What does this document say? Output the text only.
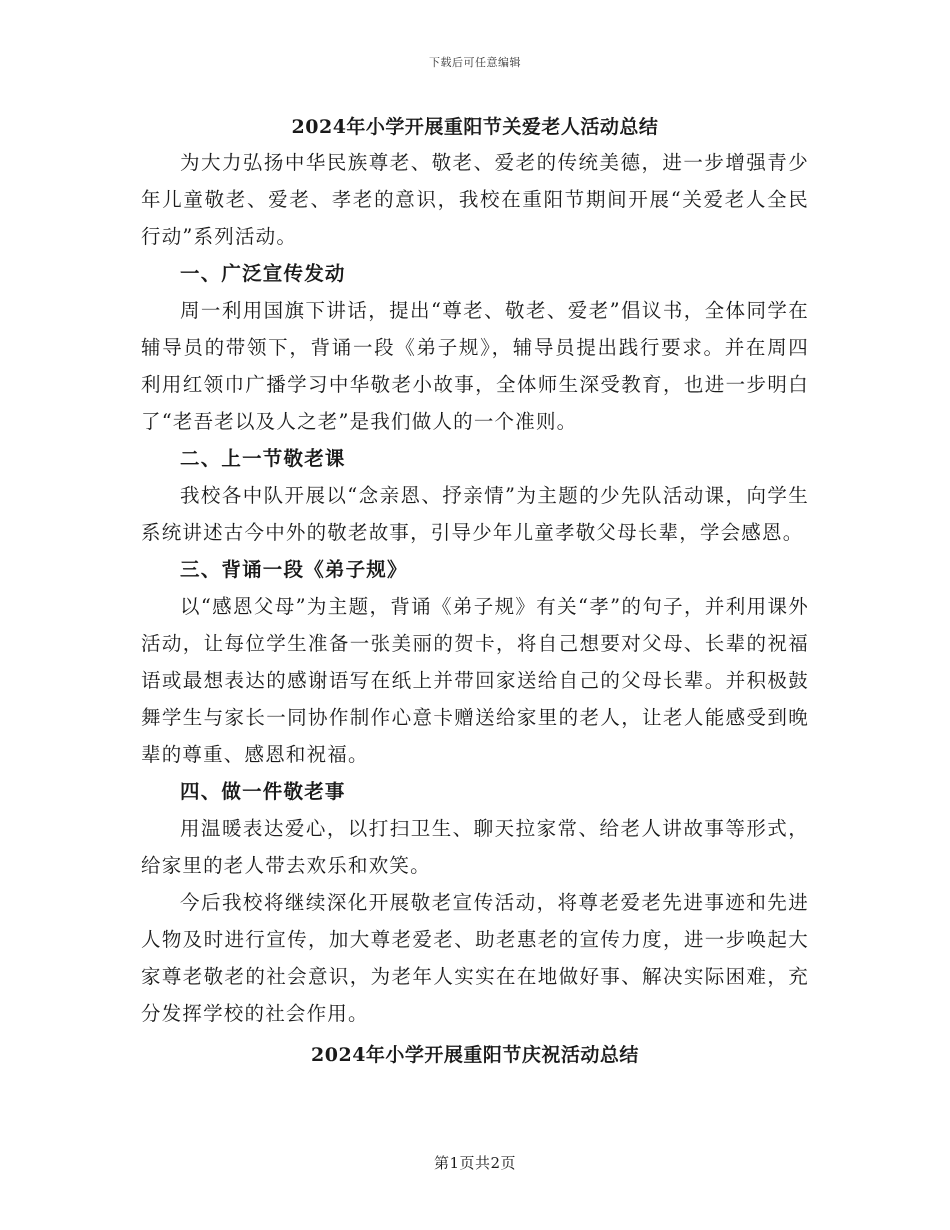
下载后可任意编辑
2024年小学开展重阳节关爱老人活动总结

为大力弘扬中华民族尊老、敬老、爱老的传统美德，进一步增强青少年儿童敬老、爱老、孝老的意识，我校在重阳节期间开展“关爱老人全民行动”系列活动。

一、广泛宣传发动

周一利用国旗下讲话，提出“尊老、敬老、爱老”倡议书，全体同学在辅导员的带领下，背诵一段《弟子规》，辅导员提出践行要求。并在周四利用红领巾广播学习中华敬老小故事，全体师生深受教育，也进一步明白了“老吾老以及人之老”是我们做人的一个准则。

二、上一节敬老课

我校各中队开展以“念亲恩、抒亲情”为主题的少先队活动课，向学生系统讲述古今中外的敬老故事，引导少年儿童孝敬父母长辈，学会感恩。

三、背诵一段《弟子规》

以“感恩父母”为主题，背诵《弟子规》有关“孝”的句子，并利用课外活动，让每位学生准备一张美丽的贺卡，将自己想要对父母、长辈的祝福语或最想表达的感谢语写在纸上并带回家送给自己的父母长辈。并积极鼓舞学生与家长一同协作制作心意卡赠送给家里的老人，让老人能感受到晚辈的尊重、感恩和祝福。

四、做一件敬老事

用温暖表达爱心，以打扫卫生、聊天拉家常、给老人讲故事等形式，给家里的老人带去欢乐和欢笑。

今后我校将继续深化开展敬老宣传活动，将尊老爱老先进事迹和先进人物及时进行宣传，加大尊老爱老、助老惠老的宣传力度，进一步唤起大家尊老敬老的社会意识，为老年人实实在在地做好事、解决实际困难，充分发挥学校的社会作用。

2024年小学开展重阳节庆祝活动总结
第1页共2页
